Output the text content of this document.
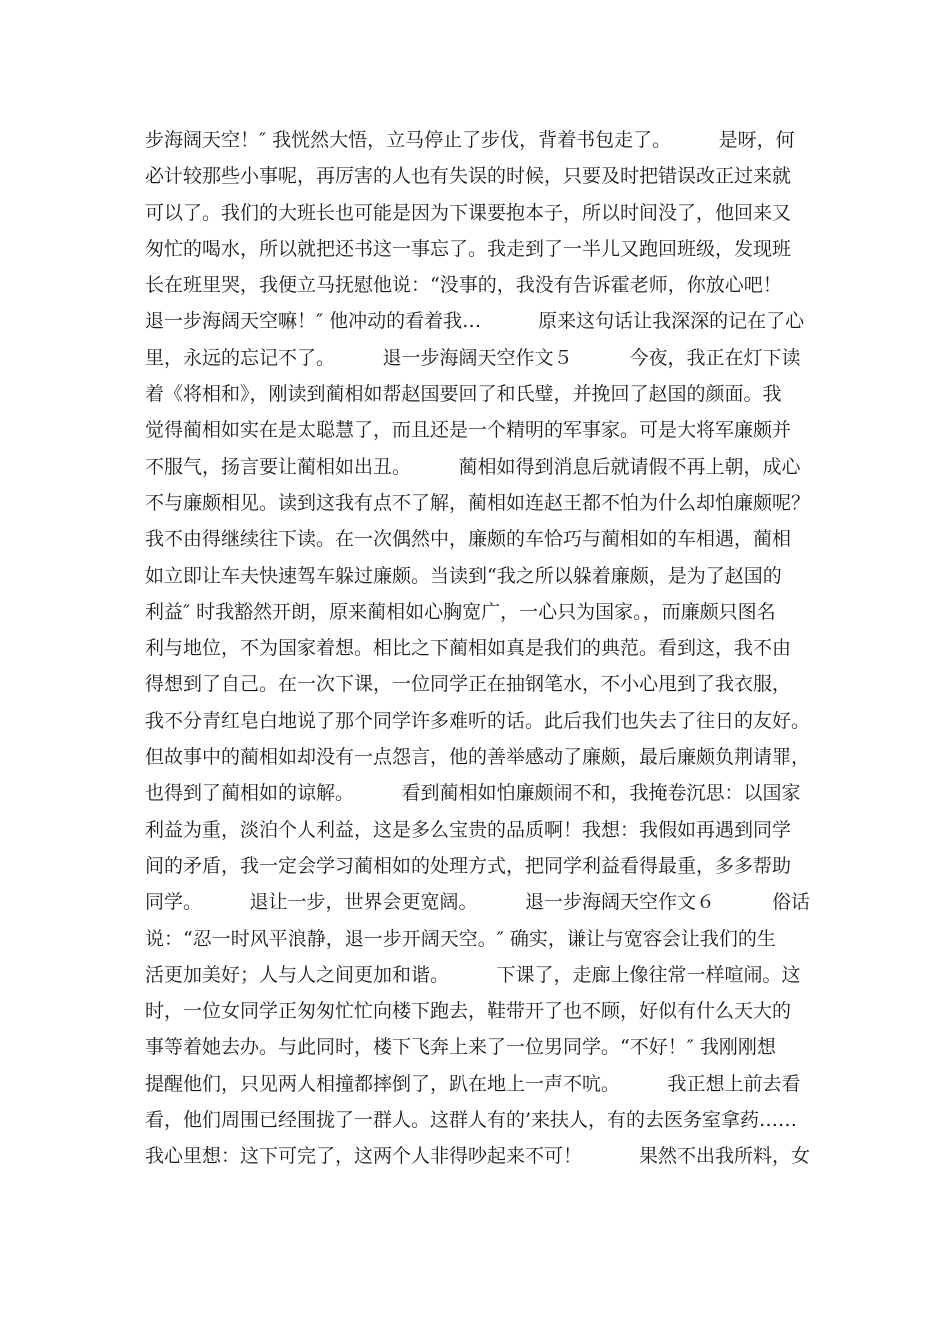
步海阔天空！″ 我恍然大悟，立马停止了步伐，背着书包走了。　　　是呀，何
必计较那些小事呢，再厉害的人也有失误的时候，只要及时把错误改正过来就
可以了。我们的大班长也可能是因为下课要抱本子，所以时间没了，他回来又
匆忙的喝水，所以就把还书这一事忘了。我走到了一半儿又跑回班级，发现班
长在班里哭，我便立马抚慰他说：“没事的，我没有告诉霍老师，你放心吧！
退一步海阔天空嘛！″ 他冲动的看着我…　　　原来这句话让我深深的记在了心
里，永远的忘记不了。　　　退一步海阔天空作文５　　　今夜，我正在灯下读
着《将相和》，刚读到蔺相如帮赵国要回了和氏璧，并挽回了赵国的颜面。我
觉得蔺相如实在是太聪慧了，而且还是一个精明的军事家。可是大将军廉颇并
不服气，扬言要让蔺相如出丑。　　　蔺相如得到消息后就请假不再上朝，成心
不与廉颇相见。读到这我有点不了解，蔺相如连赵王都不怕为什么却怕廉颇呢？
我不由得继续往下读。在一次偶然中，廉颇的车恰巧与蔺相如的车相遇，蔺相
如立即让车夫快速驾车躲过廉颇。当读到“我之所以躲着廉颇，是为了赵国的
利益″ 时我豁然开朗，原来蔺相如心胸宽广，一心只为国家。，而廉颇只图名
利与地位，不为国家着想。相比之下蔺相如真是我们的典范。看到这，我不由
得想到了自己。在一次下课，一位同学正在抽钢笔水，不小心甩到了我衣服，
我不分青红皂白地说了那个同学许多难听的话。此后我们也失去了往日的友好。
但故事中的蔺相如却没有一点怨言，他的善举感动了廉颇，最后廉颇负荆请罪，
也得到了蔺相如的谅解。　　　看到蔺相如怕廉颇闹不和，我掩卷沉思：以国家
利益为重，淡泊个人利益，这是多么宝贵的品质啊！我想：我假如再遇到同学
间的矛盾，我一定会学习蔺相如的处理方式，把同学利益看得最重，多多帮助
同学。　　　退让一步，世界会更宽阔。　　　退一步海阔天空作文６　　　俗话
说：“忍一时风平浪静，退一步开阔天空。″ 确实，谦让与宽容会让我们的生
活更加美好；人与人之间更加和谐。　　　下课了，走廊上像往常一样喧闹。这
时，一位女同学正匆匆忙忙向楼下跑去，鞋带开了也不顾，好似有什么天大的
事等着她去办。与此同时，楼下飞奔上来了一位男同学。“不好！″ 我刚刚想
提醒他们，只见两人相撞都摔倒了，趴在地上一声不吭。　　　我正想上前去看
看，他们周围已经围拢了一群人。这群人有的’来扶人，有的去医务室拿药……
我心里想：这下可完了，这两个人非得吵起来不可！　　　果然不出我所料，女
